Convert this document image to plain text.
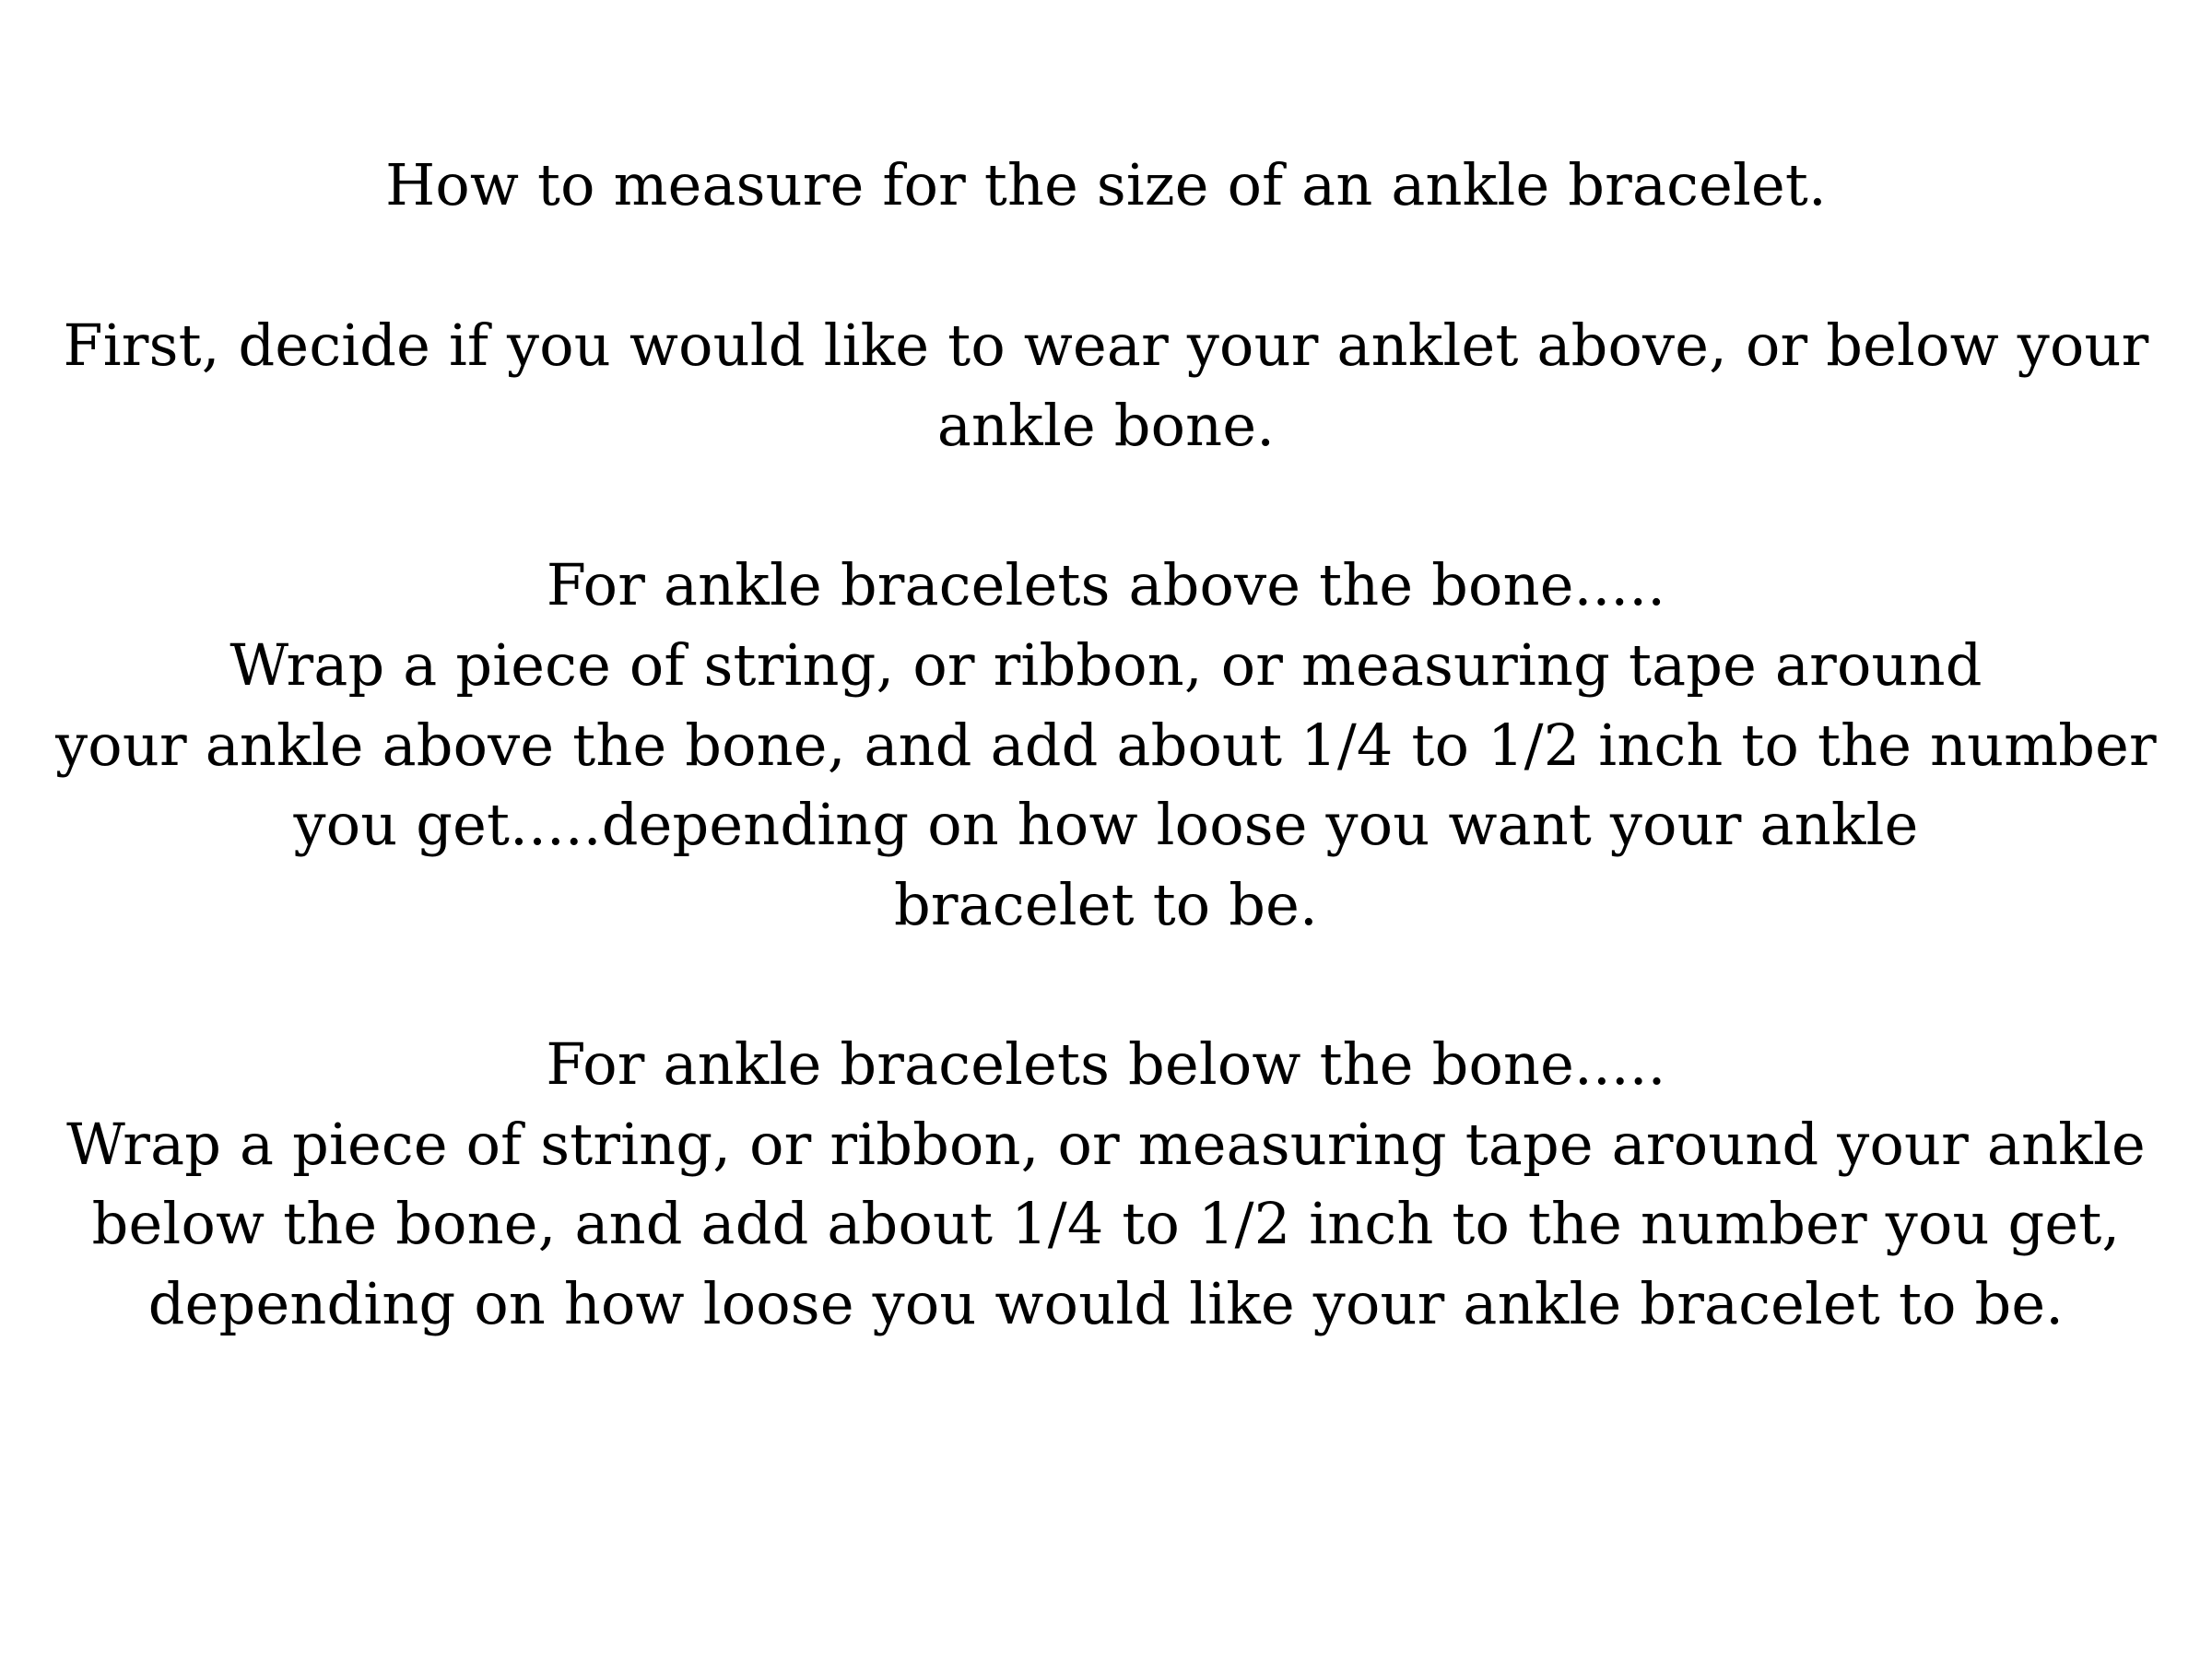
How to measure for the size of an ankle bracelet.
First, decide if you would like to wear your anklet above, or below your
ankle bone.
For ankle bracelets above the bone.....
Wrap a piece of string, or ribbon, or measuring tape around
your ankle above the bone, and add about 1/4 to 1/2 inch to the number
you get.....depending on how loose you want your ankle
bracelet to be.
For ankle bracelets below the bone.....
Wrap a piece of string, or ribbon, or measuring tape around your ankle
below the bone, and add about 1/4 to 1/2 inch to the number you get,
depending on how loose you would like your ankle bracelet to be.
